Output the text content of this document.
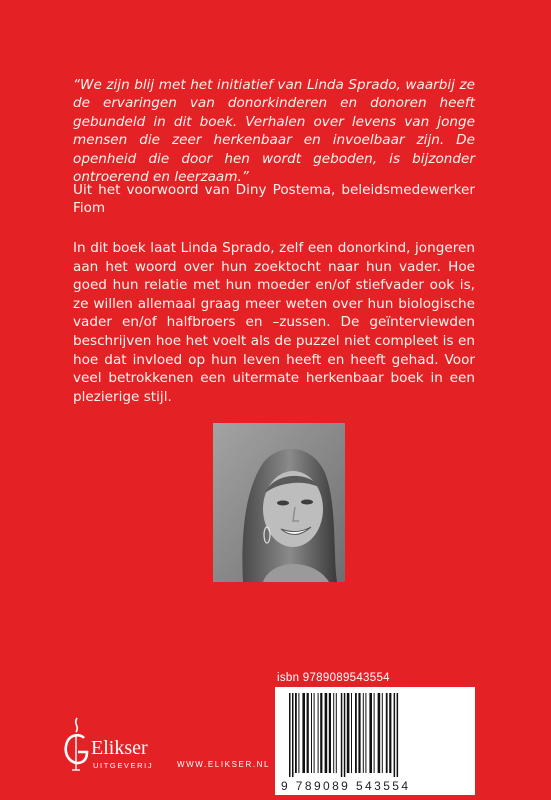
“We zijn blij met het initiatief van Linda Sprado, waarbij ze de ervaringen van donorkinderen en donoren heeft gebundeld in dit boek. Verhalen over levens van jonge mensen die zeer herkenbaar en invoelbaar zijn. De openheid die door hen wordt geboden, is bijzonder ontroerend en leerzaam.”

Uit het voorwoord van Diny Postema, beleidsmedewerker Fiom

In dit boek laat Linda Sprado, zelf een donorkind, jongeren aan het woord over hun zoektocht naar hun vader. Hoe goed hun relatie met hun moeder en/of stiefvader ook is, ze willen allemaal graag meer weten over hun biologische vader en/of halfbroers en –zussen. De geïnterviewden beschrijven hoe het voelt als de puzzel niet compleet is en hoe dat invloed op hun leven heeft en heeft gehad. Voor veel betrokkenen een uitermate herkenbaar boek in een plezierige stijl.

isbn 9789089543554
9 789089 543554
Elikser
UITGEVERIJ	WWW.ELIKSER.NL
